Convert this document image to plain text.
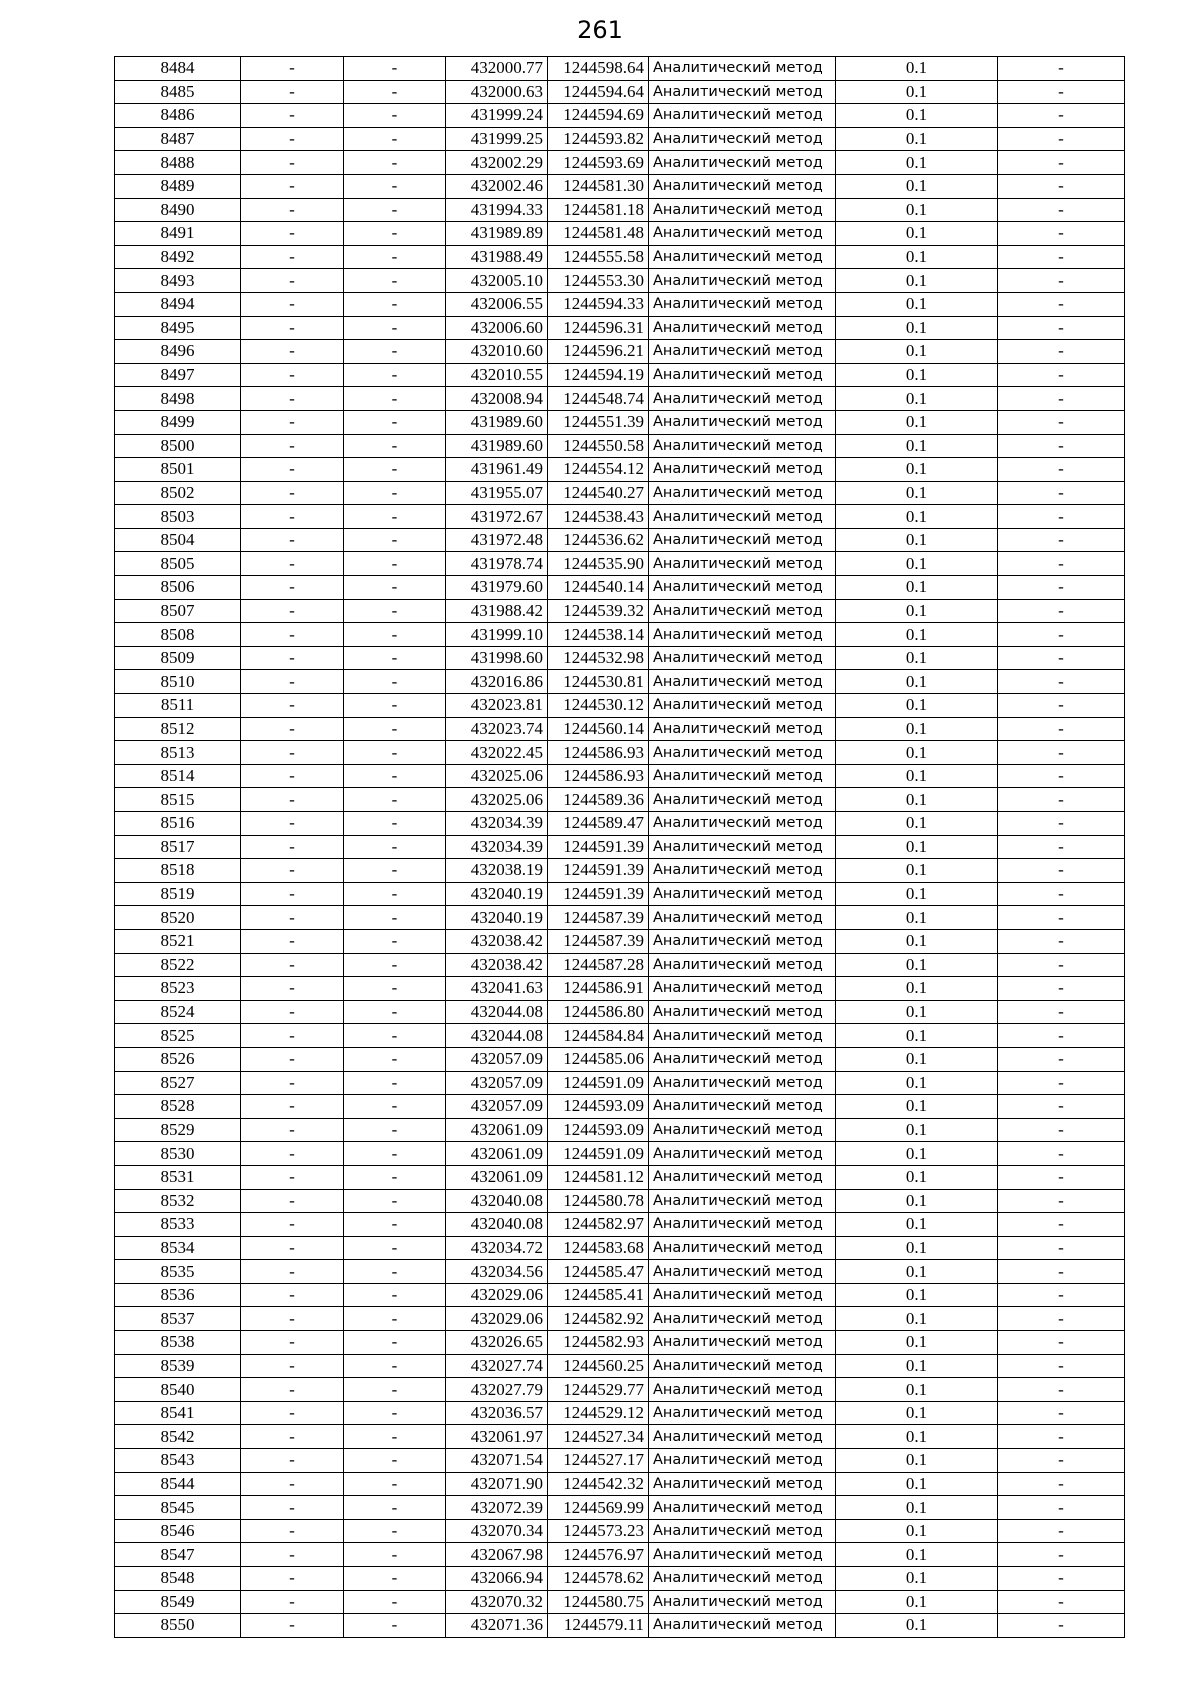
261
8484	-	-	432000.77	1244598.64	Аналитический метод	0.1	-
8485	-	-	432000.63	1244594.64	Аналитический метод	0.1	-
8486	-	-	431999.24	1244594.69	Аналитический метод	0.1	-
8487	-	-	431999.25	1244593.82	Аналитический метод	0.1	-
8488	-	-	432002.29	1244593.69	Аналитический метод	0.1	-
8489	-	-	432002.46	1244581.30	Аналитический метод	0.1	-
8490	-	-	431994.33	1244581.18	Аналитический метод	0.1	-
8491	-	-	431989.89	1244581.48	Аналитический метод	0.1	-
8492	-	-	431988.49	1244555.58	Аналитический метод	0.1	-
8493	-	-	432005.10	1244553.30	Аналитический метод	0.1	-
8494	-	-	432006.55	1244594.33	Аналитический метод	0.1	-
8495	-	-	432006.60	1244596.31	Аналитический метод	0.1	-
8496	-	-	432010.60	1244596.21	Аналитический метод	0.1	-
8497	-	-	432010.55	1244594.19	Аналитический метод	0.1	-
8498	-	-	432008.94	1244548.74	Аналитический метод	0.1	-
8499	-	-	431989.60	1244551.39	Аналитический метод	0.1	-
8500	-	-	431989.60	1244550.58	Аналитический метод	0.1	-
8501	-	-	431961.49	1244554.12	Аналитический метод	0.1	-
8502	-	-	431955.07	1244540.27	Аналитический метод	0.1	-
8503	-	-	431972.67	1244538.43	Аналитический метод	0.1	-
8504	-	-	431972.48	1244536.62	Аналитический метод	0.1	-
8505	-	-	431978.74	1244535.90	Аналитический метод	0.1	-
8506	-	-	431979.60	1244540.14	Аналитический метод	0.1	-
8507	-	-	431988.42	1244539.32	Аналитический метод	0.1	-
8508	-	-	431999.10	1244538.14	Аналитический метод	0.1	-
8509	-	-	431998.60	1244532.98	Аналитический метод	0.1	-
8510	-	-	432016.86	1244530.81	Аналитический метод	0.1	-
8511	-	-	432023.81	1244530.12	Аналитический метод	0.1	-
8512	-	-	432023.74	1244560.14	Аналитический метод	0.1	-
8513	-	-	432022.45	1244586.93	Аналитический метод	0.1	-
8514	-	-	432025.06	1244586.93	Аналитический метод	0.1	-
8515	-	-	432025.06	1244589.36	Аналитический метод	0.1	-
8516	-	-	432034.39	1244589.47	Аналитический метод	0.1	-
8517	-	-	432034.39	1244591.39	Аналитический метод	0.1	-
8518	-	-	432038.19	1244591.39	Аналитический метод	0.1	-
8519	-	-	432040.19	1244591.39	Аналитический метод	0.1	-
8520	-	-	432040.19	1244587.39	Аналитический метод	0.1	-
8521	-	-	432038.42	1244587.39	Аналитический метод	0.1	-
8522	-	-	432038.42	1244587.28	Аналитический метод	0.1	-
8523	-	-	432041.63	1244586.91	Аналитический метод	0.1	-
8524	-	-	432044.08	1244586.80	Аналитический метод	0.1	-
8525	-	-	432044.08	1244584.84	Аналитический метод	0.1	-
8526	-	-	432057.09	1244585.06	Аналитический метод	0.1	-
8527	-	-	432057.09	1244591.09	Аналитический метод	0.1	-
8528	-	-	432057.09	1244593.09	Аналитический метод	0.1	-
8529	-	-	432061.09	1244593.09	Аналитический метод	0.1	-
8530	-	-	432061.09	1244591.09	Аналитический метод	0.1	-
8531	-	-	432061.09	1244581.12	Аналитический метод	0.1	-
8532	-	-	432040.08	1244580.78	Аналитический метод	0.1	-
8533	-	-	432040.08	1244582.97	Аналитический метод	0.1	-
8534	-	-	432034.72	1244583.68	Аналитический метод	0.1	-
8535	-	-	432034.56	1244585.47	Аналитический метод	0.1	-
8536	-	-	432029.06	1244585.41	Аналитический метод	0.1	-
8537	-	-	432029.06	1244582.92	Аналитический метод	0.1	-
8538	-	-	432026.65	1244582.93	Аналитический метод	0.1	-
8539	-	-	432027.74	1244560.25	Аналитический метод	0.1	-
8540	-	-	432027.79	1244529.77	Аналитический метод	0.1	-
8541	-	-	432036.57	1244529.12	Аналитический метод	0.1	-
8542	-	-	432061.97	1244527.34	Аналитический метод	0.1	-
8543	-	-	432071.54	1244527.17	Аналитический метод	0.1	-
8544	-	-	432071.90	1244542.32	Аналитический метод	0.1	-
8545	-	-	432072.39	1244569.99	Аналитический метод	0.1	-
8546	-	-	432070.34	1244573.23	Аналитический метод	0.1	-
8547	-	-	432067.98	1244576.97	Аналитический метод	0.1	-
8548	-	-	432066.94	1244578.62	Аналитический метод	0.1	-
8549	-	-	432070.32	1244580.75	Аналитический метод	0.1	-
8550	-	-	432071.36	1244579.11	Аналитический метод	0.1	-
